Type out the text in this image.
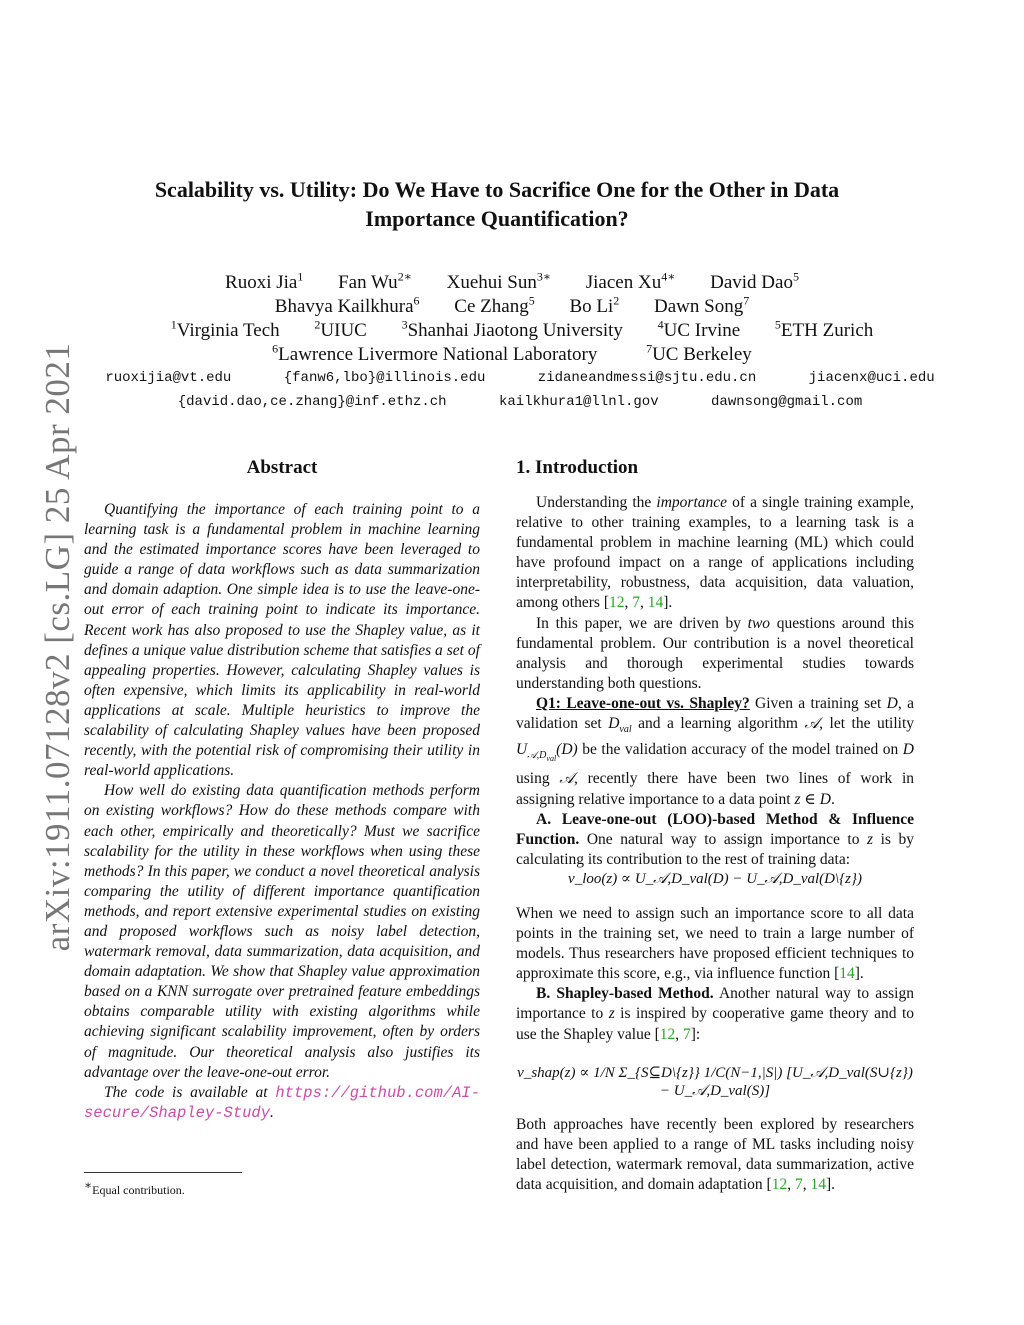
arXiv:1911.07128v2 [cs.LG] 25 Apr 2021
Scalability vs. Utility: Do We Have to Sacrifice One for the Other in Data
Importance Quantification?
Ruoxi Jia$^1$ Fan $Wu^{2∗}$ Xuehui Sun$^{3∗}$ Jiacen $Xu^{4∗}$ David Dao$^5$
Bhavya Kailkhura$^6$ Ce Zhang$^5$ Bo Li$^2$ Dawn Song$^7$
$^1$Virginia Tech	$^2$UIUC	$^3$Shanhai Jiaotong University	$^4$UC Irvine	$^5$ETH Zurich
$^6$Lawrence Livermore National Laboratory	$^7$UC Berkeley
ruoxijia@vt.edu	{fanw6,lbo}@illinois.edu	zidaneandmessi@sjtu.edu.cn	jiacenx@uci.edu
{david.dao,ce.zhang}@inf.ethz.ch	kailkhura1@llnl.gov	dawnsong@gmail.com
Abstract

Quantifying the importance of each training point to a learning task is a fundamental problem in machine learning and the estimated importance scores have been leveraged to guide a range of data workflows such as data summarization and domain adaption. One simple idea is to use the leave-one-out error of each training point to indicate its importance. Recent work has also proposed to use the Shapley value, as it defines a unique value distribution scheme that satisfies a set of appealing properties. However, calculating Shapley values is often expensive, which limits its applicability in real-world applications at scale. Multiple heuristics to improve the scalability of calculating Shapley values have been proposed recently, with the potential risk of compromising their utility in real-world applications.

How well do existing data quantification methods perform on existing workflows? How do these methods compare with each other, empirically and theoretically? Must we sacrifice scalability for the utility in these workflows when using these methods? In this paper, we conduct a novel theoretical analysis comparing the utility of different importance quantification methods, and report extensive experimental studies on existing and proposed workflows such as noisy label detection, watermark removal, data summarization, data acquisition, and domain adaptation. We show that Shapley value approximation based on a KNN surrogate over pretrained feature embeddings obtains comparable utility with existing algorithms while achieving significant scalability improvement, often by orders of magnitude. Our theoretical analysis also justifies its advantage over the leave-one-out error.

The code is available at https://github.com/AI-secure/Shapley-Study.

∗Equal contribution.
1. Introduction

Understanding the importance of a single training example, relative to other training examples, to a learning task is a fundamental problem in machine learning (ML) which could have profound impact on a range of applications including interpretability, robustness, data acquisition, data valuation, among others [12, 7, 14].

In this paper, we are driven by two questions around this fundamental problem. Our contribution is a novel theoretical analysis and thorough experimental studies towards understanding both questions.

Q1: Leave-one-out vs. Shapley? Given a training set D, a validation set $D_{val}$ and a learning algorithm 𝒜, let the utility $U_{𝒜,D_{val}}(D)$ be the validation accuracy of the model trained on D using 𝒜, recently there have been two lines of work in assigning relative importance to a data point z ∈ D.

A. Leave-one-out (LOO)-based Method & Influence Function. One natural way to assign importance to z is by calculating its contribution to the rest of training data:

v_loo(z) ∝ U_𝒜,D_val(D) − U_𝒜,D_val(D\{z})

When we need to assign such an importance score to all data points in the training set, we need to train a large number of models. Thus researchers have proposed efficient techniques to approximate this score, e.g., via influence function [14].

B. Shapley-based Method. Another natural way to assign importance to z is inspired by cooperative game theory and to use the Shapley value [12, 7]:

ν_shap(z) ∝ 1/N Σ_{S⊆D\{z}} 1/C(N−1,|S|) [U_𝒜,D_val(S∪{z}) − U_𝒜,D_val(S)]

Both approaches have recently been explored by researchers and have been applied to a range of ML tasks including noisy label detection, watermark removal, data summarization, active data acquisition, and domain adaptation [12, 7, 14].
